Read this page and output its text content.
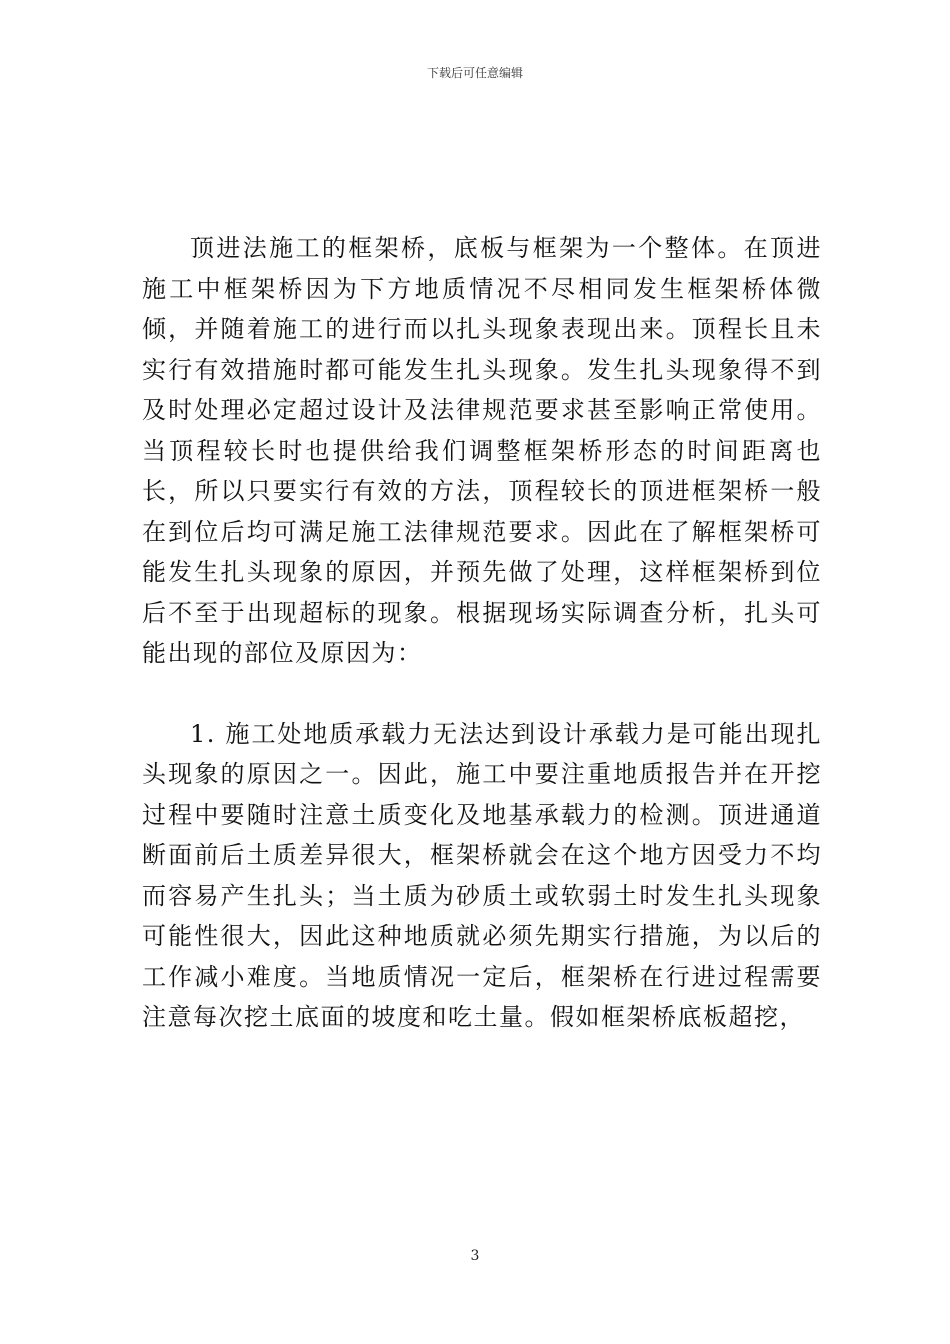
下载后可任意编辑

顶进法施工的框架桥，底板与框架为一个整体。在顶进施工中框架桥因为下方地质情况不尽相同发生框架桥体微倾，并随着施工的进行而以扎头现象表现出来。顶程长且未实行有效措施时都可能发生扎头现象。发生扎头现象得不到及时处理必定超过设计及法律规范要求甚至影响正常使用。当顶程较长时也提供给我们调整框架桥形态的时间距离也长，所以只要实行有效的方法，顶程较长的顶进框架桥一般在到位后均可满足施工法律规范要求。因此在了解框架桥可能发生扎头现象的原因，并预先做了处理，这样框架桥到位后不至于出现超标的现象。根据现场实际调查分析，扎头可能出现的部位及原因为：

1. 施工处地质承载力无法达到设计承载力是可能出现扎头现象的原因之一。因此，施工中要注重地质报告并在开挖过程中要随时注意土质变化及地基承载力的检测。顶进通道断面前后土质差异很大，框架桥就会在这个地方因受力不均而容易产生扎头；当土质为砂质土或软弱土时发生扎头现象可能性很大，因此这种地质就必须先期实行措施，为以后的工作减小难度。当地质情况一定后，框架桥在行进过程需要注意每次挖土底面的坡度和吃土量。假如框架桥底板超挖，

3
